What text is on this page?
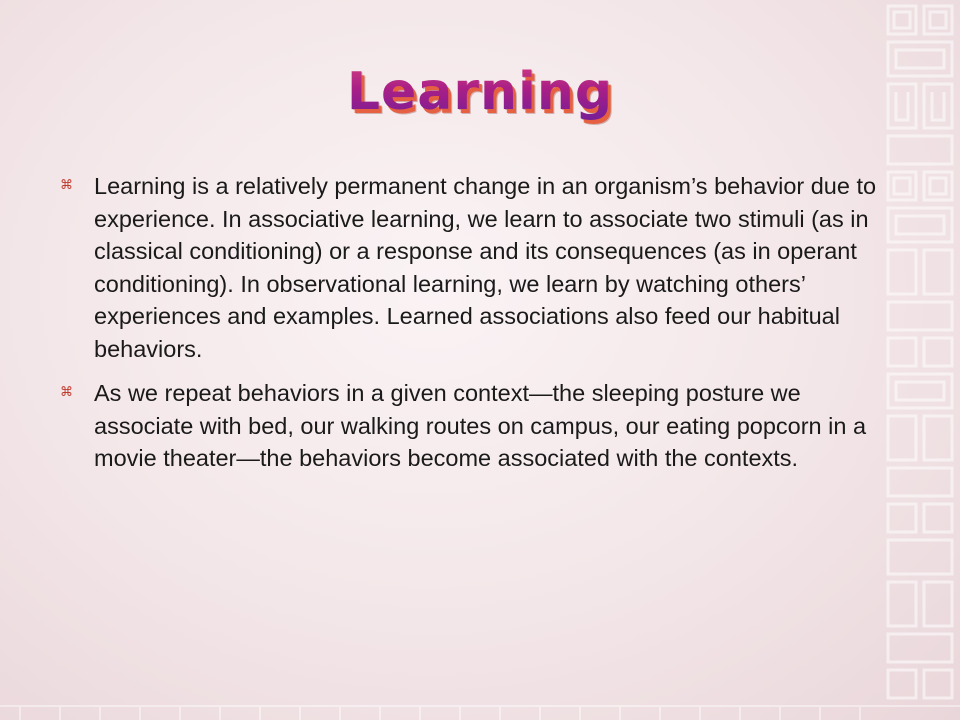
Learning
⌘ Learning is a relatively permanent change in an organism’s behavior due to experience. In associative learning, we learn to associate two stimuli (as in classical conditioning) or a response and its consequences (as in operant conditioning). In observational learning, we learn by watching others’ experiences and examples. Learned associations also feed our habitual behaviors.
⌘ As we repeat behaviors in a given context—the sleeping posture we associate with bed, our walking routes on campus, our eating popcorn in a movie theater—the behaviors become associated with the contexts.
